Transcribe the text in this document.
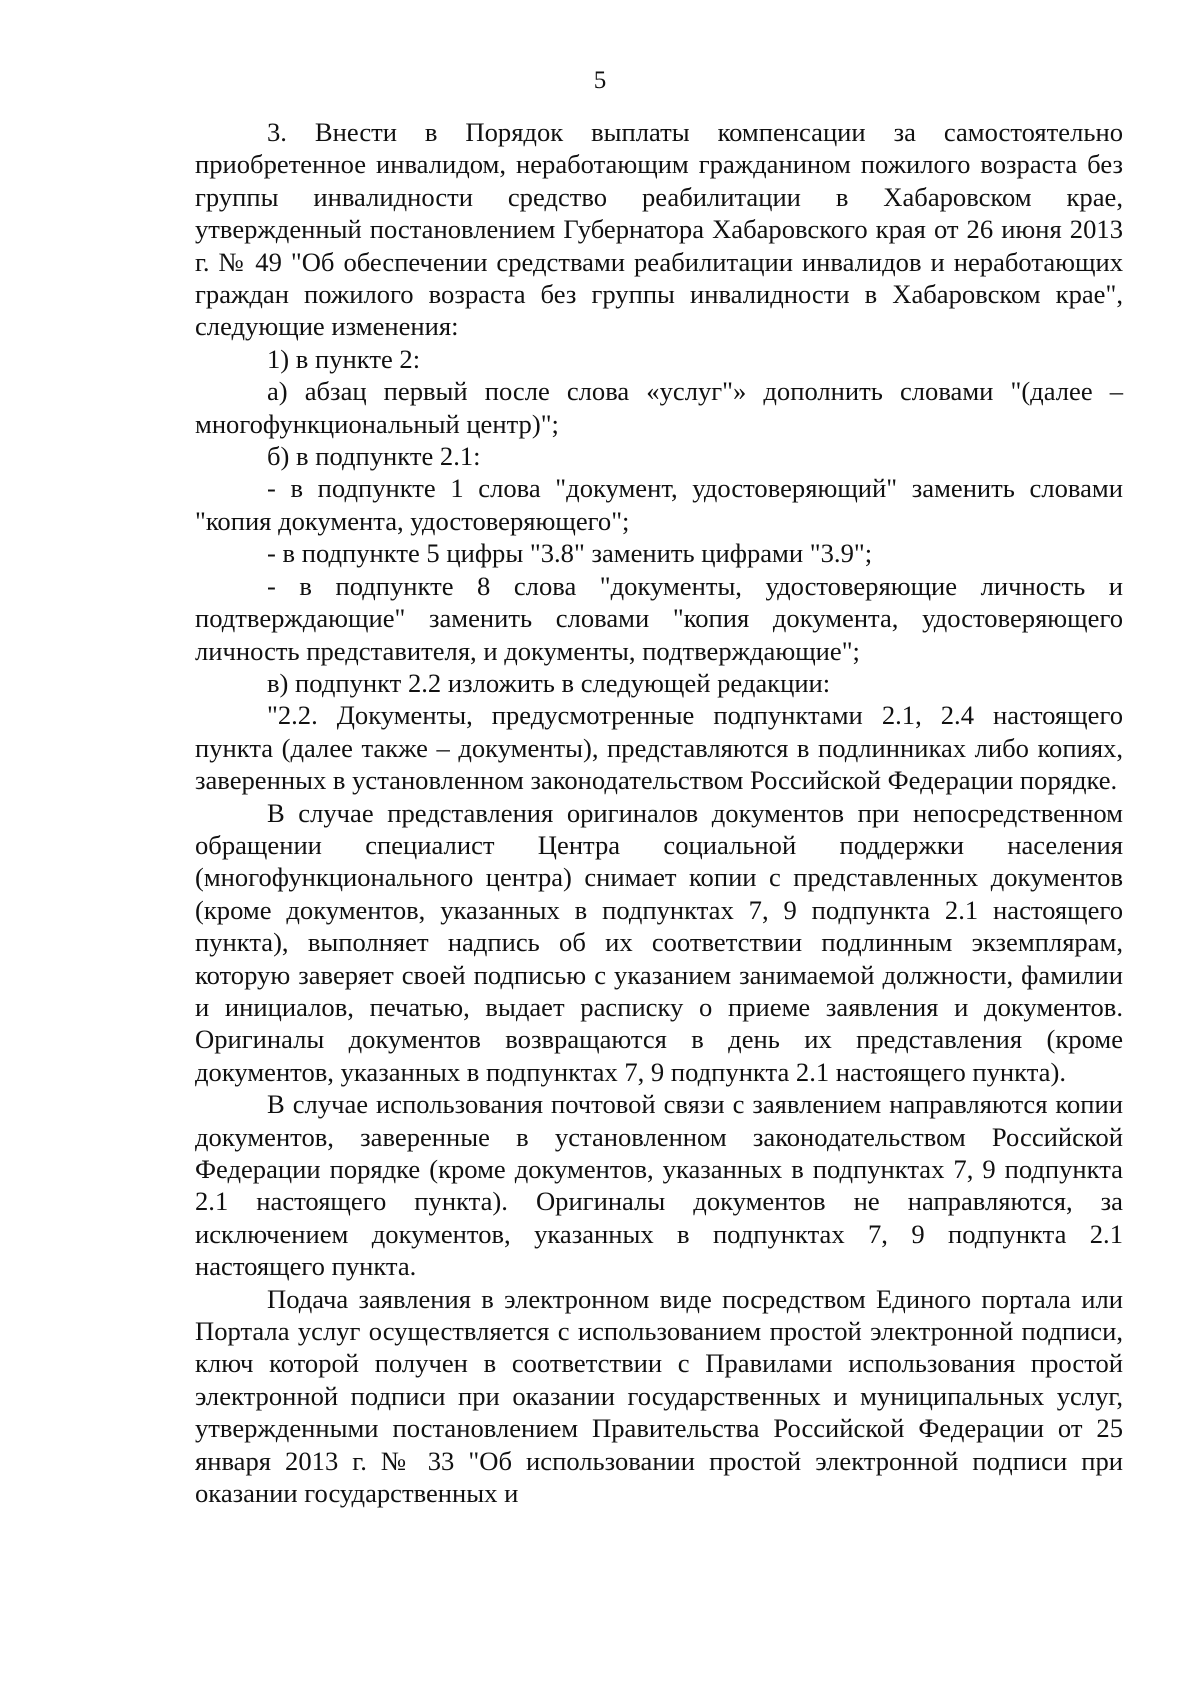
5

3. Внести в Порядок выплаты компенсации за самостоятельно приобретенное инвалидом, неработающим гражданином пожилого возраста без группы инвалидности средство реабилитации в Хабаровском крае, утвержденный постановлением Губернатора Хабаровского края от 26 июня 2013 г. № 49 "Об обеспечении средствами реабилитации инвалидов и неработающих граждан пожилого возраста без группы инвалидности в Хабаровском крае", следующие изменения:

1) в пункте 2:

а) абзац первый после слова «услуг"» дополнить словами "(далее – многофункциональный центр)";

б) в подпункте 2.1:

- в подпункте 1 слова "документ, удостоверяющий" заменить словами "копия документа, удостоверяющего";

- в подпункте 5 цифры "3.8" заменить цифрами "3.9";

- в подпункте 8 слова "документы, удостоверяющие личность и подтверждающие" заменить словами "копия документа, удостоверяющего личность представителя, и документы, подтверждающие";

в) подпункт 2.2 изложить в следующей редакции:

"2.2. Документы, предусмотренные подпунктами 2.1, 2.4 настоящего пункта (далее также – документы), представляются в подлинниках либо копиях, заверенных в установленном законодательством Российской Федерации порядке.

В случае представления оригиналов документов при непосредственном обращении специалист Центра социальной поддержки населения (многофункционального центра) снимает копии с представленных документов (кроме документов, указанных в подпунктах 7, 9 подпункта 2.1 настоящего пункта), выполняет надпись об их соответствии подлинным экземплярам, которую заверяет своей подписью с указанием занимаемой должности, фамилии и инициалов, печатью, выдает расписку о приеме заявления и документов. Оригиналы документов возвращаются в день их представления (кроме документов, указанных в подпунктах 7, 9 подпункта 2.1 настоящего пункта).

В случае использования почтовой связи с заявлением направляются копии документов, заверенные в установленном законодательством Российской Федерации порядке (кроме документов, указанных в подпунктах 7, 9 подпункта 2.1 настоящего пункта). Оригиналы документов не направляются, за исключением документов, указанных в подпунктах 7, 9 подпункта 2.1 настоящего пункта.

Подача заявления в электронном виде посредством Единого портала или Портала услуг осуществляется с использованием простой электронной подписи, ключ которой получен в соответствии с Правилами использования простой электронной подписи при оказании государственных и муниципальных услуг, утвержденными постановлением Правительства Российской Федерации от 25 января 2013 г. № 33 "Об использовании простой электронной подписи при оказании государственных и
